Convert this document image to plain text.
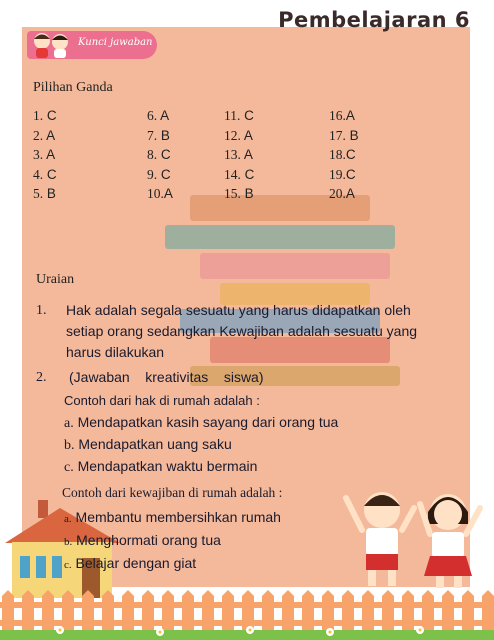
Pembelajaran 6
Kunci jawaban
Pilihan Ganda
1. C
2. A
3. A
4. C
5. B
6. A
7. B
8. C
9. C
10.A
11. C
12. A
13. A
14. C
15. B
16.A
17. B
18.C
19.C
20.A
Uraian
1. Hak adalah segala sesuatu yang harus didapatkan oleh
setiap orang sedangkan Kewajiban adalah sesuatu yang
harus dilakukan
2. (Jawaban    kreativitas    siswa)
Contoh dari hak di rumah adalah :
a. Mendapatkan kasih sayang dari orang tua
b. Mendapatkan uang saku
c. Mendapatkan waktu bermain
Contoh dari kewajiban di rumah adalah :
a. Membantu membersihkan rumah
b. Menghormati orang tua
c. Belajar dengan giat
